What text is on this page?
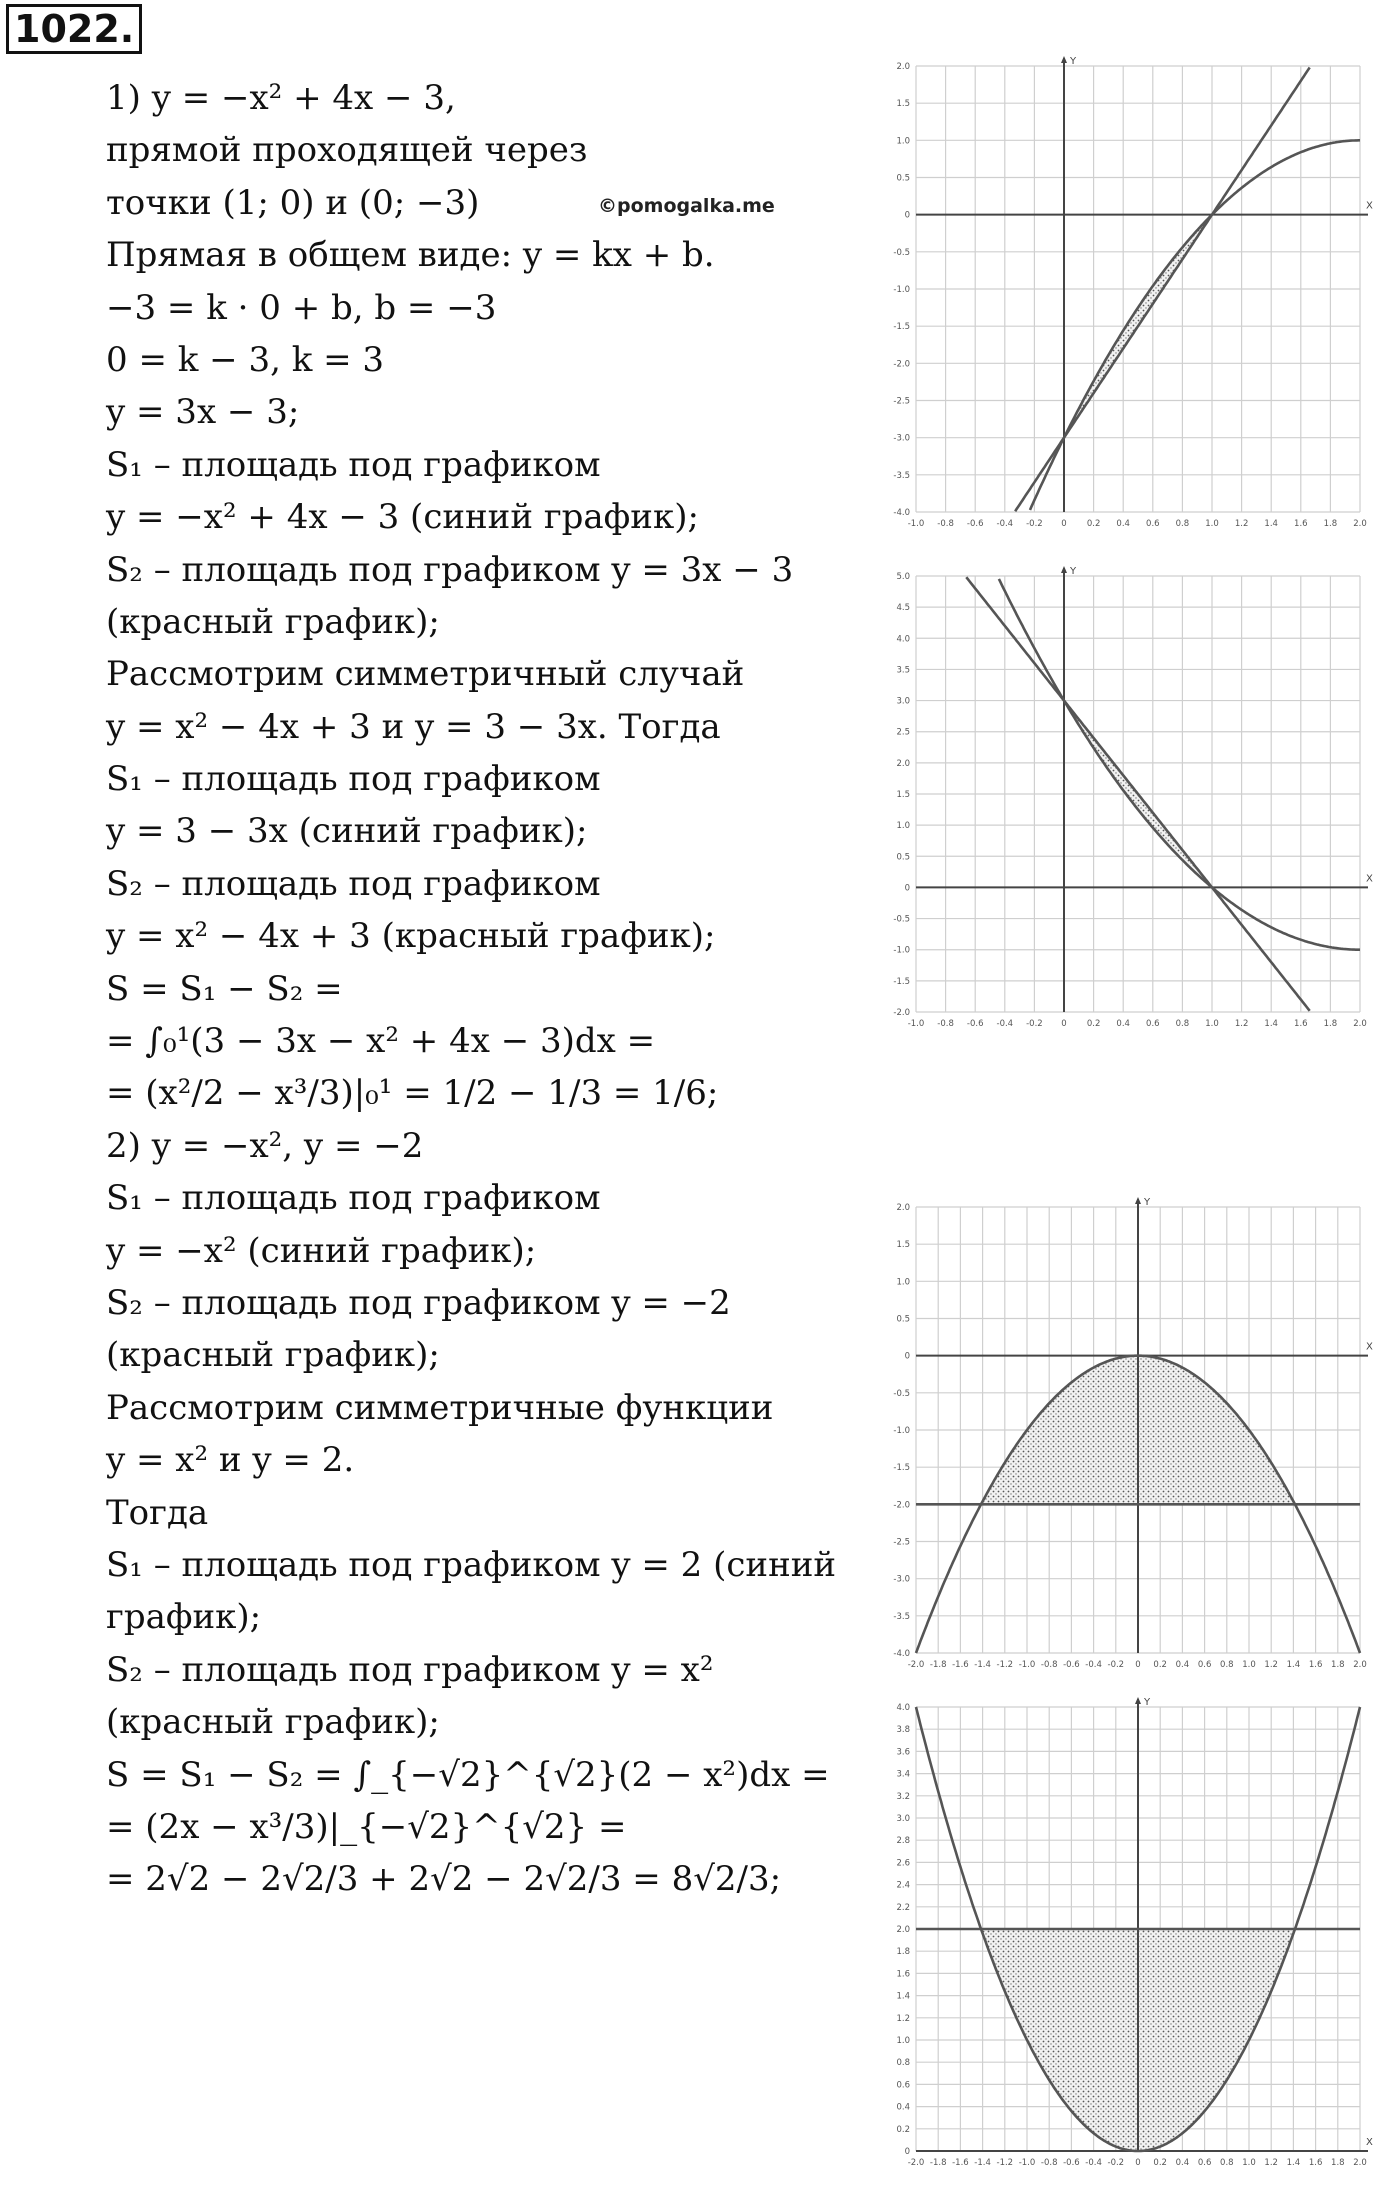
1022.
©pomogalka.me
1) y = −x² + 4x − 3,
прямой проходящей через
точки (1; 0) и (0; −3)
Прямая в общем виде: y = kx + b.
−3 = k · 0 + b, b = −3
0 = k − 3, k = 3
y = 3x − 3;
S₁ – площадь под графиком
y = −x² + 4x − 3 (синий график);
S₂ – площадь под графиком y = 3x − 3
(красный график);
Рассмотрим симметричный случай
y = x² − 4x + 3 и y = 3 − 3x. Тогда
S₁ – площадь под графиком
y = 3 − 3x (синий график);
S₂ – площадь под графиком
y = x² − 4x + 3 (красный график);
S = S₁ − S₂ =
= ∫₀¹(3 − 3x − x² + 4x − 3)dx =
= (x²/2 − x³/3)|₀¹ = 1/2 − 1/3 = 1/6;
2) y = −x², y = −2
S₁ – площадь под графиком
y = −x² (синий график);
S₂ – площадь под графиком y = −2
(красный график);
Рассмотрим симметричные функции
y = x² и y = 2.
Тогда
S₁ – площадь под графиком y = 2 (синий
график);
S₂ – площадь под графиком y = x²
(красный график);
S = S₁ − S₂ = ∫_{−√2}^{√2}(2 − x²)dx =
= (2x − x³/3)|_{−√2}^{√2} =
= 2√2 − 2√2/3 + 2√2 − 2√2/3 = 8√2/3;
X
Y
-1.0 -0.8 -0.6 -0.4 -0.2 0 0.2 0.4 0.6 0.8 1.0 1.2 1.4 1.6 1.8 2.0
-4.0
-3.5
-3.0
-2.5
-2.0
-1.5
-1.0
-0.5
0
0.5
1.0
1.5
2.0
X
Y
-1.0 -0.8 -0.6 -0.4 -0.2 0 0.2 0.4 0.6 0.8 1.0 1.2 1.4 1.6 1.8 2.0
-2.0
-1.5
-1.0
-0.5
0
0.5
1.0
1.5
2.0
2.5
3.0
3.5
4.0
4.5
5.0
X
Y
-2.0 -1.8 -1.6 -1.4 -1.2 -1.0 -0.8 -0.6 -0.4 -0.2 0 0.2 0.4 0.6 0.8 1.0 1.2 1.4 1.6 1.8 2.0
-4.0
-3.5
-3.0
-2.5
-2.0
-1.5
-1.0
-0.5
0
0.5
1.0
1.5
2.0
X
Y
-2.0 -1.8 -1.6 -1.4 -1.2 -1.0 -0.8 -0.6 -0.4 -0.2 0 0.2 0.4 0.6 0.8 1.0 1.2 1.4 1.6 1.8 2.0
0
0.2
0.4
0.6
0.8
1.0
1.2
1.4
1.6
1.8
2.0
2.2
2.4
2.6
2.8
3.0
3.2
3.4
3.6
3.8
4.0
